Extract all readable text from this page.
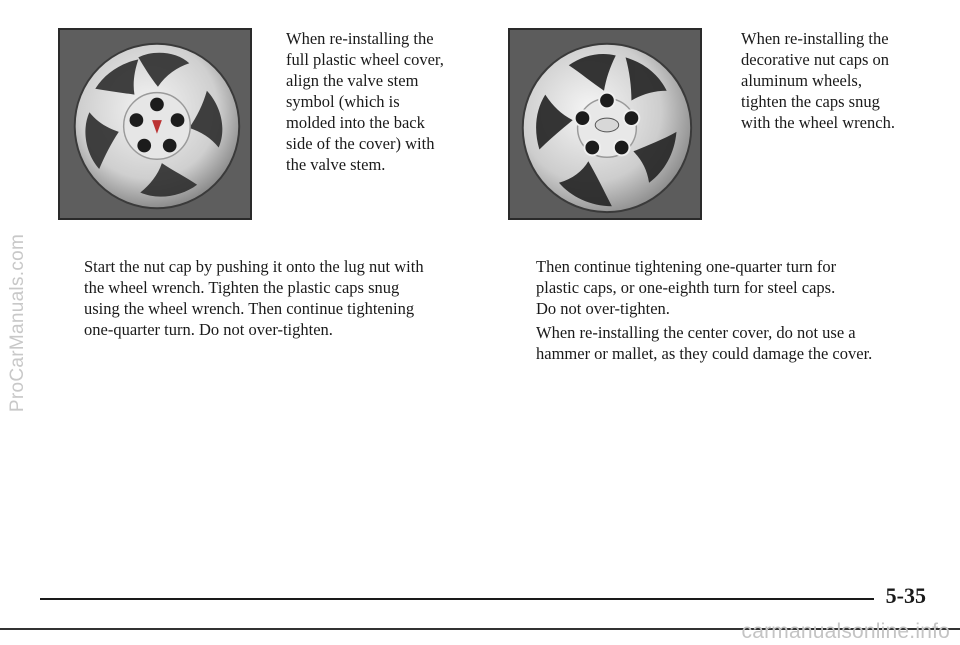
ProCarManuals.com

When re-installing the
full plastic wheel cover,
align the valve stem
symbol (which is
molded into the back
side of the cover) with
the valve stem.

When re-installing the
decorative nut caps on
aluminum wheels,
tighten the caps snug
with the wheel wrench.

Start the nut cap by pushing it onto the lug nut with
the wheel wrench. Tighten the plastic caps snug
using the wheel wrench. Then continue tightening
one-quarter turn. Do not over-tighten.

Then continue tightening one-quarter turn for
plastic caps, or one-eighth turn for steel caps.
Do not over-tighten.

When re-installing the center cover, do not use a
hammer or mallet, as they could damage the cover.

5-35
carmanualsonline.info
